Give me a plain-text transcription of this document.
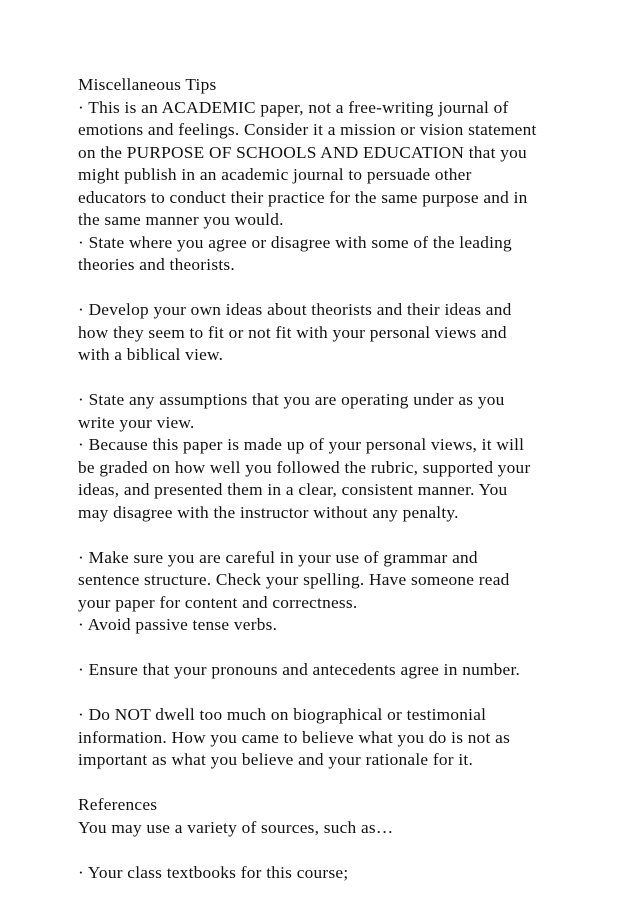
Miscellaneous Tips
· This is an ACADEMIC paper, not a free-writing journal of
emotions and feelings. Consider it a mission or vision statement
on the PURPOSE OF SCHOOLS AND EDUCATION that you
might publish in an academic journal to persuade other
educators to conduct their practice for the same purpose and in
the same manner you would.
· State where you agree or disagree with some of the leading
theories and theorists.
· Develop your own ideas about theorists and their ideas and
how they seem to fit or not fit with your personal views and
with a biblical view.
· State any assumptions that you are operating under as you
write your view.
· Because this paper is made up of your personal views, it will
be graded on how well you followed the rubric, supported your
ideas, and presented them in a clear, consistent manner. You
may disagree with the instructor without any penalty.
· Make sure you are careful in your use of grammar and
sentence structure. Check your spelling. Have someone read
your paper for content and correctness.
· Avoid passive tense verbs.
· Ensure that your pronouns and antecedents agree in number.
· Do NOT dwell too much on biographical or testimonial
information. How you came to believe what you do is not as
important as what you believe and your rationale for it.
References
You may use a variety of sources, such as…
· Your class textbooks for this course;
